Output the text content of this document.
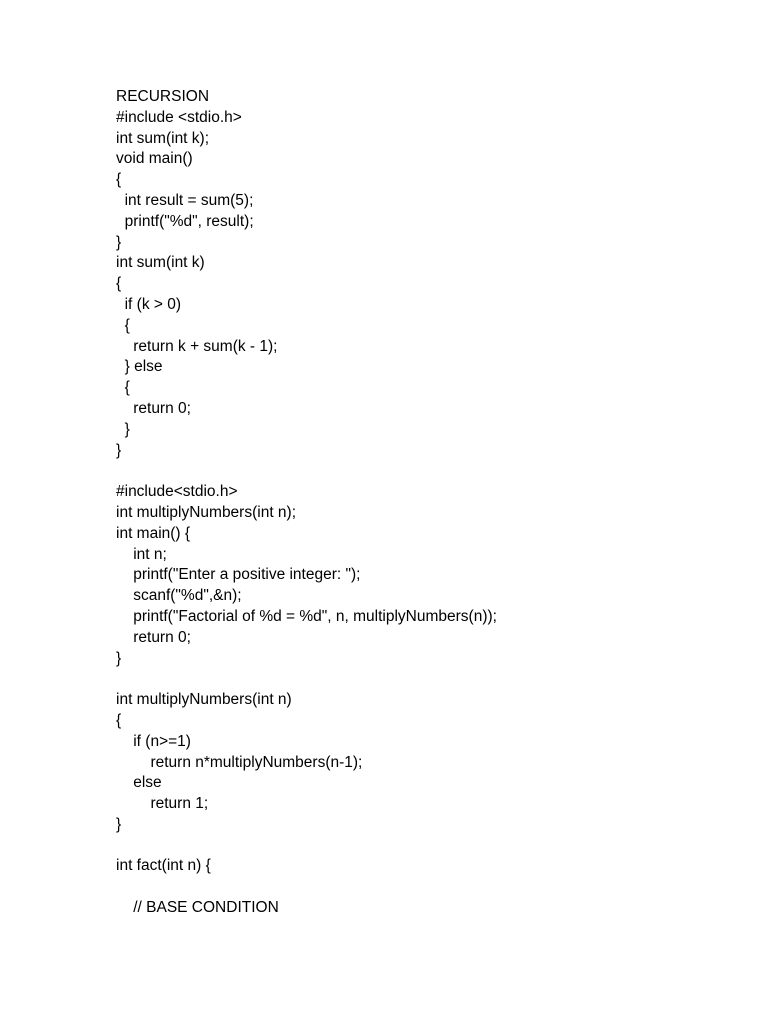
RECURSION
#include <stdio.h>
int sum(int k);
void main()
{
int result = sum(5);
printf("%d", result);
}
int sum(int k)
{
if (k > 0)
{
return k + sum(k - 1);
} else
{
return 0;
}
}
#include<stdio.h>
int multiplyNumbers(int n);
int main() {
int n;
printf("Enter a positive integer: ");
scanf("%d",&n);
printf("Factorial of %d = %d", n, multiplyNumbers(n));
return 0;
}
int multiplyNumbers(int n)
{
if (n>=1)
return n*multiplyNumbers(n-1);
else
return 1;
}
int fact(int n) {
// BASE CONDITION
